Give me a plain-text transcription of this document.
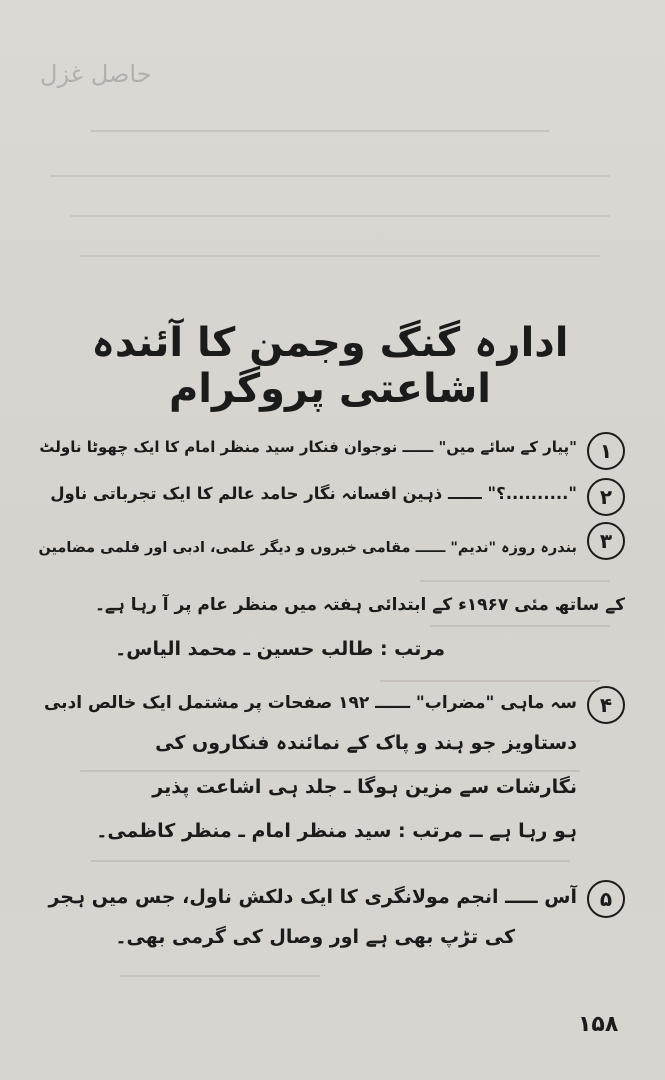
حاصل غزل
ادارہ گنگ وجمن کا آئندہ اشاعتی پروگرام
۱
"پیار کے سائے میں" ــــــ نوجوان فنکار سید منظر امام کا ایک چھوٹا ناولٹ
۲
"..........؟" ــــــ ذہین افسانہ نگار حامد عالم کا ایک تجرباتی ناول
۳
بندرہ روزہ "ندیم" ــــــ مقامی خبروں و دیگر علمی، ادبی اور فلمی مضامین
کے ساتھ مئی ۱۹۶۷ء کے ابتدائی ہفتہ میں منظر عام پر آ رہا ہے۔
مرتب : طالب حسین ـ محمد الیاس۔
۴
سہ ماہی "مضراب" ــــــ ۱۹۲ صفحات پر مشتمل ایک خالص ادبی
دستاویز جو ہند و پاک کے نمائندہ فنکاروں کی
نگارشات سے مزین ہوگا ـ جلد ہی اشاعت پذیر
ہو رہا ہے ــ مرتب : سید منظر امام ـ منظر کاظمی۔
۵
آس ـــــ انجم مولانگری کا ایک دلکش ناول، جس میں ہجر
کی تڑپ بھی ہے اور وصال کی گرمی بھی۔
۱۵۸
